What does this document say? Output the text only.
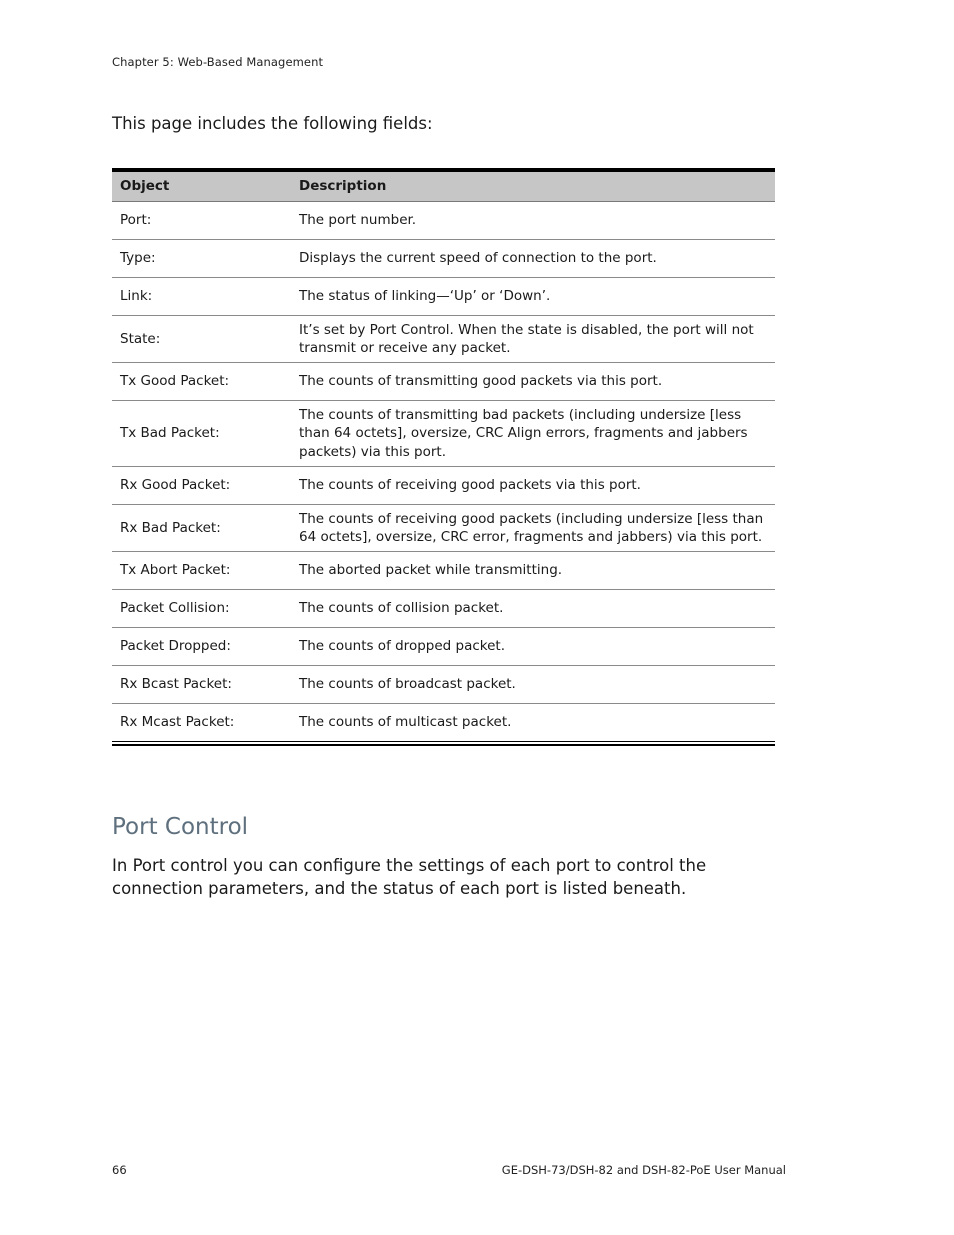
Chapter 5: Web-Based Management
This page includes the following fields:
Object	Description
Port:	The port number.
Type:	Displays the current speed of connection to the port.
Link:	The status of linking—‘Up’ or ‘Down’.
State:	It’s set by Port Control. When the state is disabled, the port will not transmit or receive any packet.
Tx Good Packet:	The counts of transmitting good packets via this port.
Tx Bad Packet:	The counts of transmitting bad packets (including undersize [less than 64 octets], oversize, CRC Align errors, fragments and jabbers packets) via this port.
Rx Good Packet:	The counts of receiving good packets via this port.
Rx Bad Packet:	The counts of receiving good packets (including undersize [less than 64 octets], oversize, CRC error, fragments and jabbers) via this port.
Tx Abort Packet:	The aborted packet while transmitting.
Packet Collision:	The counts of collision packet.
Packet Dropped:	The counts of dropped packet.
Rx Bcast Packet:	The counts of broadcast packet.
Rx Mcast Packet:	The counts of multicast packet.
Port Control

In Port control you can configure the settings of each port to control the connection parameters, and the status of each port is listed beneath.

66	GE-DSH-73/DSH-82 and DSH-82-PoE User Manual
